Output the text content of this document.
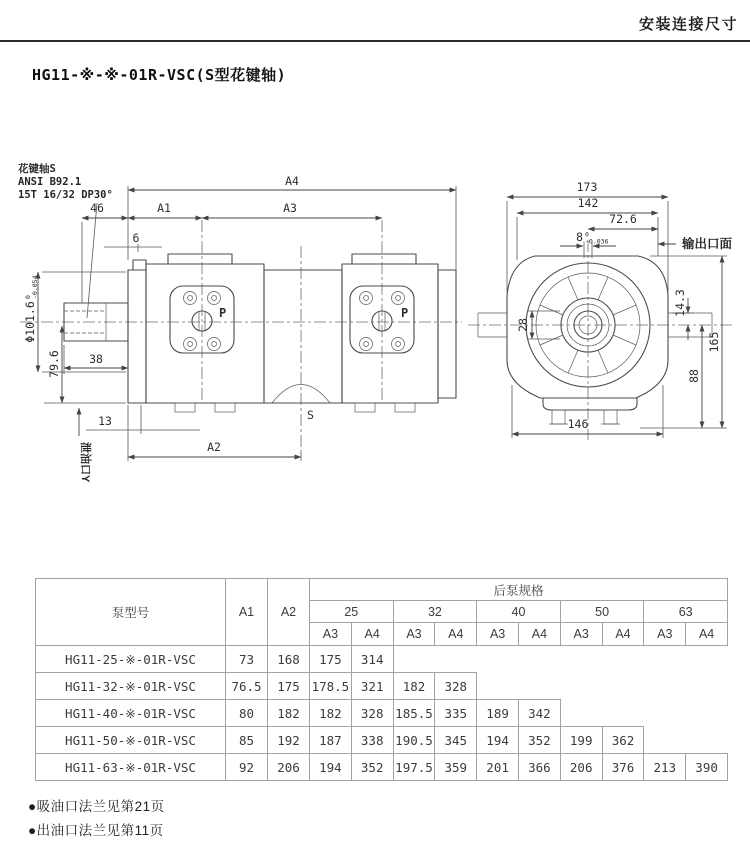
安装连接尺寸
HG11-※-※-01R-VSC(S型花键轴)
P	P
花键轴S
ANSI B92.1
15T 16/32 DP30°
A4
46	A1	A3
6
Φ101.6
0 -0.054
79.6 38
13
A2
S
泄油口Y
173
142
72.6
8 0
-0.036	输出口面
28
14.3
165
88
146
泵型号	A1	A2	后泵规格									
			25		32		40		50		63	
			A3	A4	A3	A4	A3	A4	A3	A4	A3	A4
HG11-25-※-01R-VSC	73	168	175	314								
HG11-32-※-01R-VSC	76.5	175	178.5	321	182	328						
HG11-40-※-01R-VSC	80	182	182	328	185.5	335	189	342				
HG11-50-※-01R-VSC	85	192	187	338	190.5	345	194	352	199	362		
HG11-63-※-01R-VSC	92	206	194	352	197.5	359	201	366	206	376	213	390
●吸油口法兰见第21页
●出油口法兰见第11页
